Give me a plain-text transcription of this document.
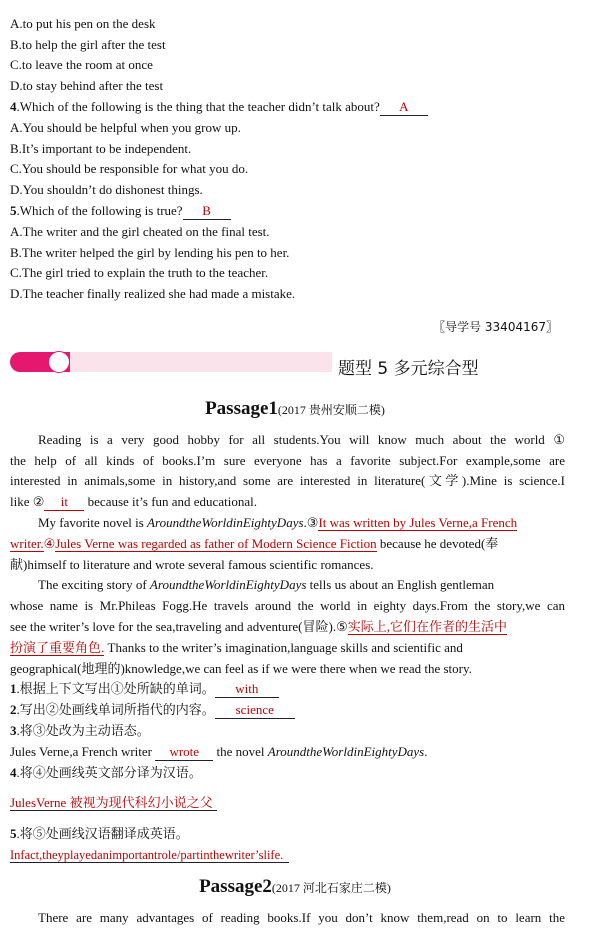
A.to put his pen on the desk
B.to help the girl after the test
C.to leave the room at once
D.to stay behind after the test
4.Which of the following is the thing that the teacher didn’t talk about? A
A.You should be helpful when you grow up.
B.It’s important to be independent.
C.You should be responsible for what you do.
D.You shouldn’t do dishonest things.
5.Which of the following is true? B
A.The writer and the girl cheated on the final test.
B.The writer helped the girl by lending his pen to her.
C.The girl tried to explain the truth to the teacher.
D.The teacher finally realized she had made a mistake.
〖导学号 33404167〗
题型 5 多元综合型
Passage1(2017 贵州安顺二模)
Reading is a very good hobby for all students.You will know much about the world ①
the help of all kinds of books.I’m sure everyone has a favorite subject.For example,some are
interested in animals,some in history,and some are interested in literature(文学).Mine is science.I
like ② it because it’s fun and educational.
My favorite novel is AroundtheWorldinEightyDays.③It was written by Jules Verne,a French
writer.④Jules Verne was regarded as father of Modern Science Fiction because he devoted(奉
献)himself to literature and wrote several famous scientific romances.
The exciting story of AroundtheWorldinEightyDays tells us about an English gentleman
whose name is Mr.Phileas Fogg.He travels around the world in eighty days.From the story,we can
see the writer’s love for the sea,traveling and adventure(冒险).⑤实际上,它们在作者的生活中
扮演了重要角色. Thanks to the writer’s imagination,language skills and scientific and
geographical(地理的)knowledge,we can feel as if we were there when we read the story.
1.根据上下文写出①处所缺的单词。 with
2.写出②处画线单词所指代的内容。 science
3.将③处改为主动语态。
Jules Verne,a French writer wrote the novel AroundtheWorldinEightyDays.
4.将④处画线英文部分译为汉语。
JulesVerne 被视为现代科幻小说之父
5.将⑤处画线汉语翻译成英语。
Infact,theyplayedanimportantrole/partinthewriter’slife.
Passage2(2017 河北石家庄二模)
There are many advantages of reading books.If you don’t know them,read on to learn the
